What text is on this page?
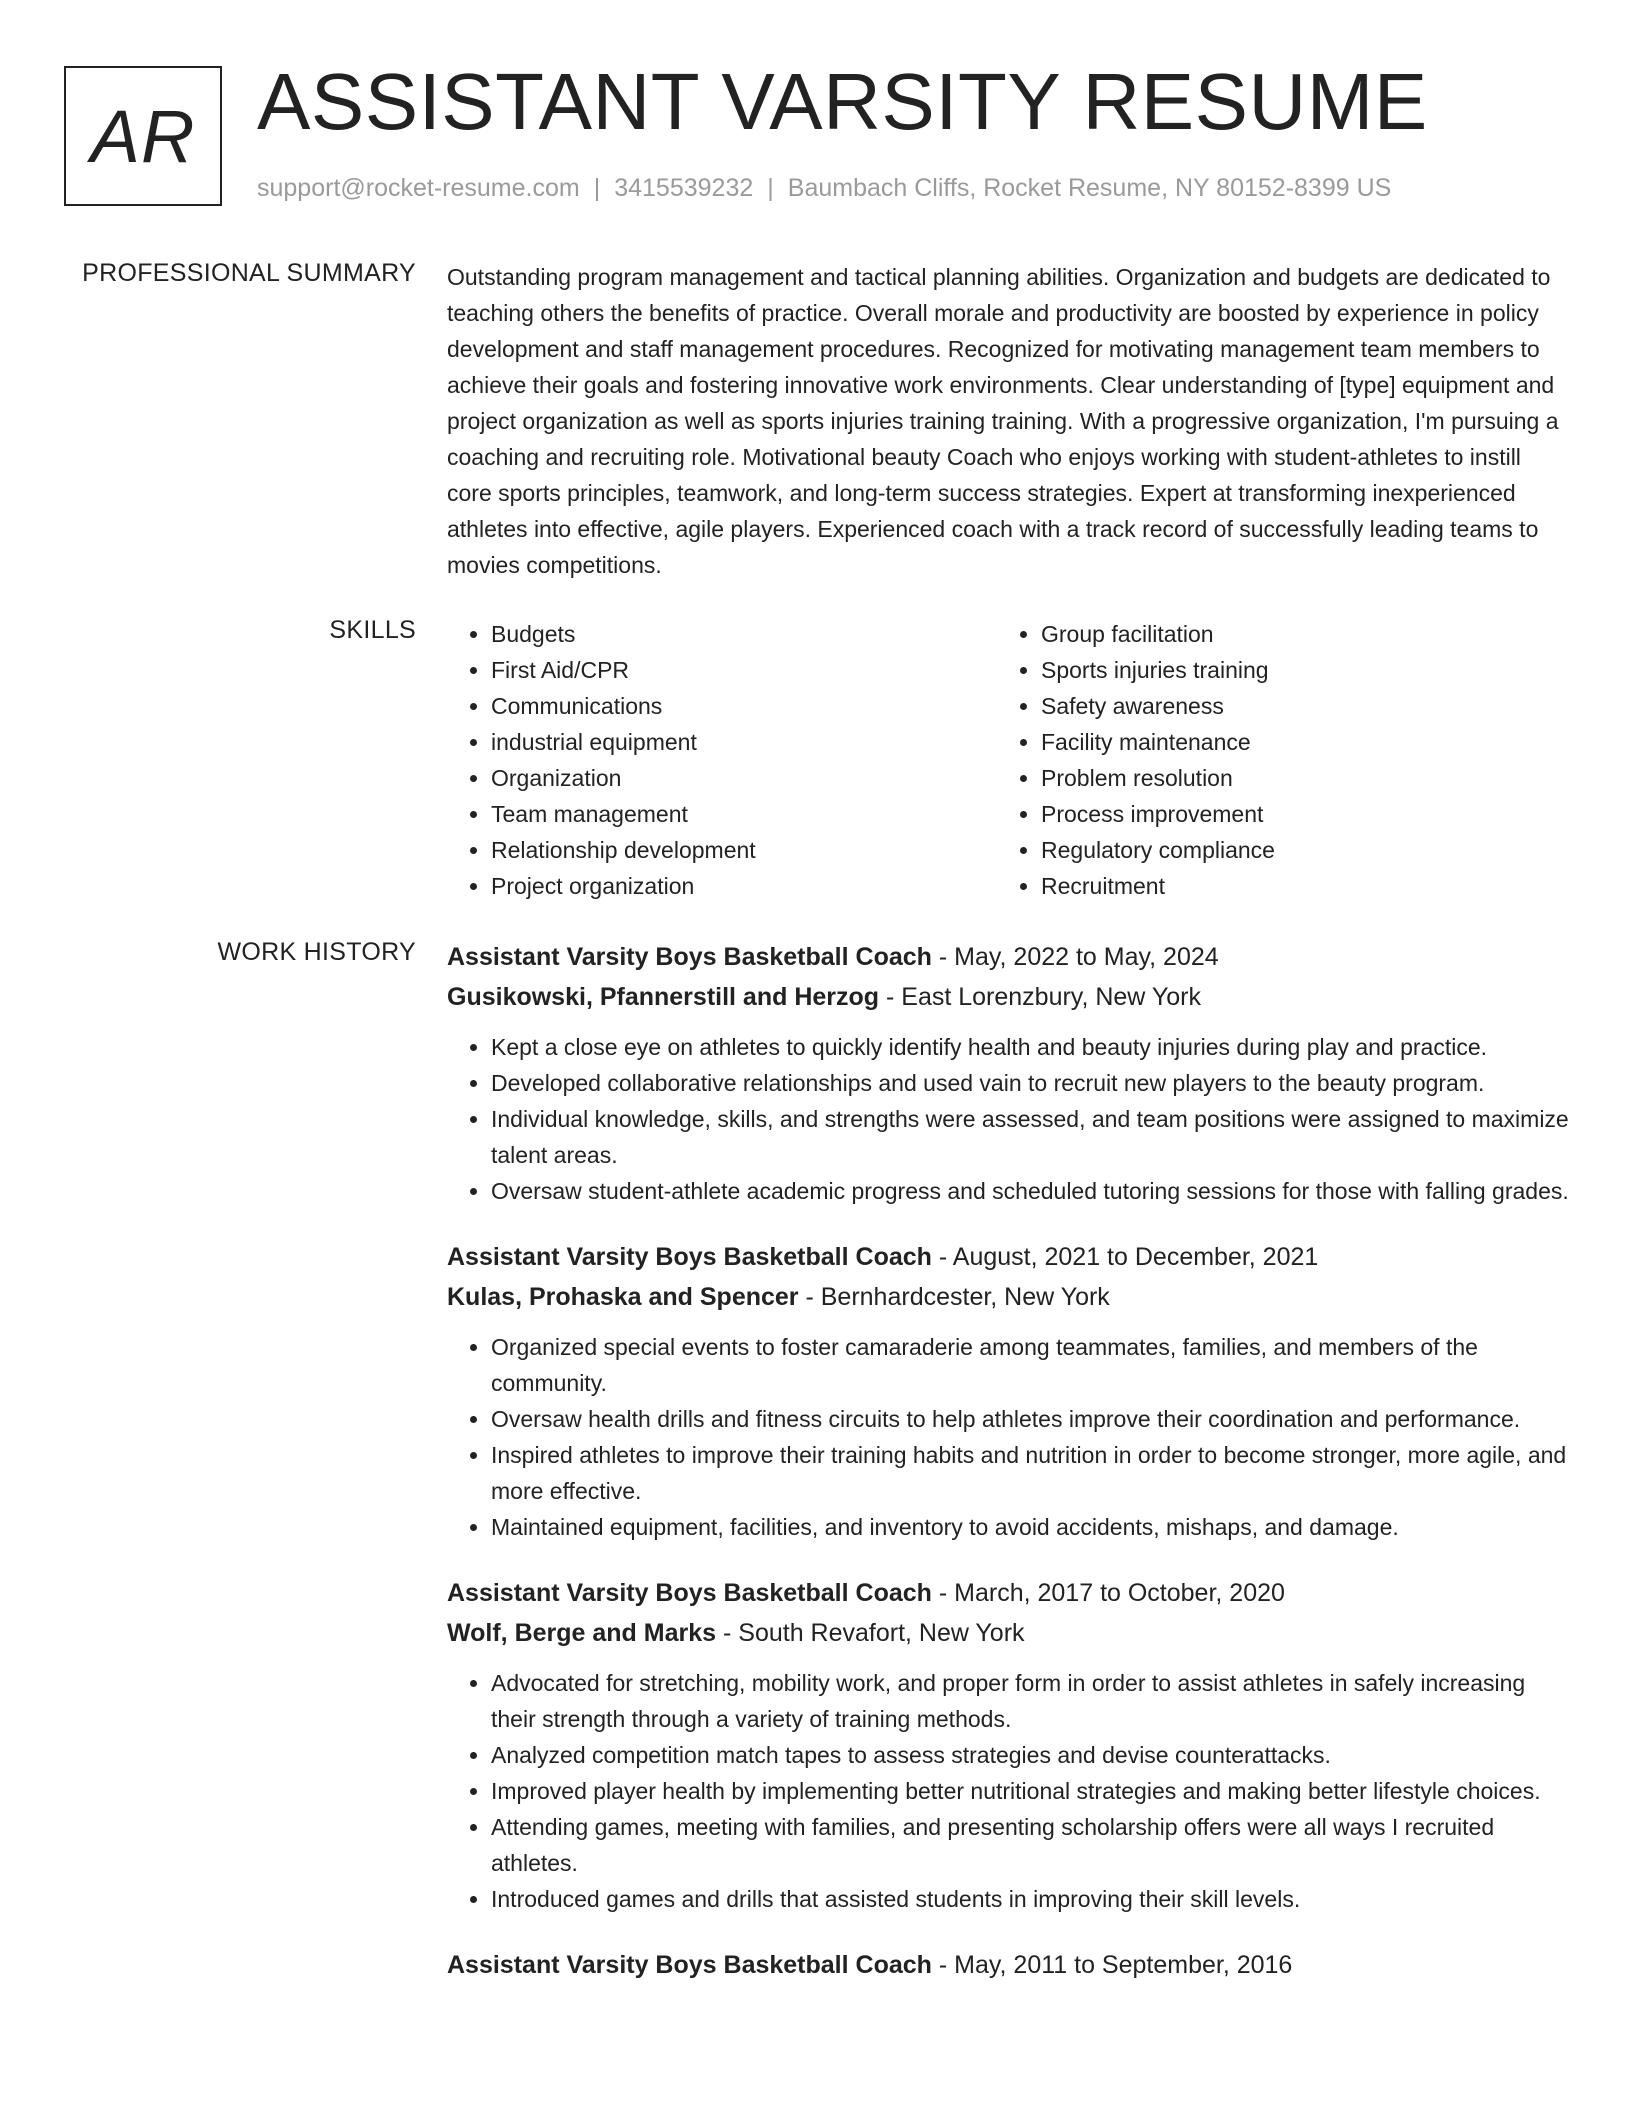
AR ASSISTANT VARSITY RESUME
support@rocket-resume.com | 3415539232 | Baumbach Cliffs, Rocket Resume, NY 80152-8399 US
PROFESSIONAL SUMMARY Outstanding program management and tactical planning abilities. Organization and budgets are dedicated to teaching others the benefits of practice. Overall morale and productivity are boosted by experience in policy development and staff management procedures. Recognized for motivating management team members to achieve their goals and fostering innovative work environments. Clear understanding of [type] equipment and project organization as well as sports injuries training training. With a progressive organization, I'm pursuing a coaching and recruiting role. Motivational beauty Coach who enjoys working with student-athletes to instill core sports principles, teamwork, and long-term success strategies. Expert at transforming inexperienced athletes into effective, agile players. Experienced coach with a track record of successfully leading teams to movies competitions.

SKILLS
•	Budgets
• First Aid/CPR
• Communications
• industrial equipment
• Organization
• Team management
• Relationship development
• Project organization
• Group facilitation
• Sports injuries training
• Safety awareness
• Facility maintenance
• Problem resolution
• Process improvement
• Regulatory compliance
• Recruitment
WORK HISTORY Assistant Varsity Boys Basketball Coach - May, 2022 to May, 2024
Gusikowski, Pfannerstill and Herzog - East Lorenzbury, New York
• Kept a close eye on athletes to quickly identify health and beauty injuries during play and practice.
• Developed collaborative relationships and used vain to recruit new players to the beauty program.
• Individual knowledge, skills, and strengths were assessed, and team positions were assigned to maximize talent areas.
• Oversaw student-athlete academic progress and scheduled tutoring sessions for those with falling grades.
Assistant Varsity Boys Basketball Coach - August, 2021 to December, 2021
Kulas, Prohaska and Spencer - Bernhardcester, New York
• Organized special events to foster camaraderie among teammates, families, and members of the community.
• Oversaw health drills and fitness circuits to help athletes improve their coordination and performance.
• Inspired athletes to improve their training habits and nutrition in order to become stronger, more agile, and more effective.
• Maintained equipment, facilities, and inventory to avoid accidents, mishaps, and damage.
Assistant Varsity Boys Basketball Coach - March, 2017 to October, 2020
Wolf, Berge and Marks - South Revafort, New York
• Advocated for stretching, mobility work, and proper form in order to assist athletes in safely increasing their strength through a variety of training methods.
• Analyzed competition match tapes to assess strategies and devise counterattacks.
• Improved player health by implementing better nutritional strategies and making better lifestyle choices.
• Attending games, meeting with families, and presenting scholarship offers were all ways I recruited athletes.
• Introduced games and drills that assisted students in improving their skill levels.
Assistant Varsity Boys Basketball Coach - May, 2011 to September, 2016
